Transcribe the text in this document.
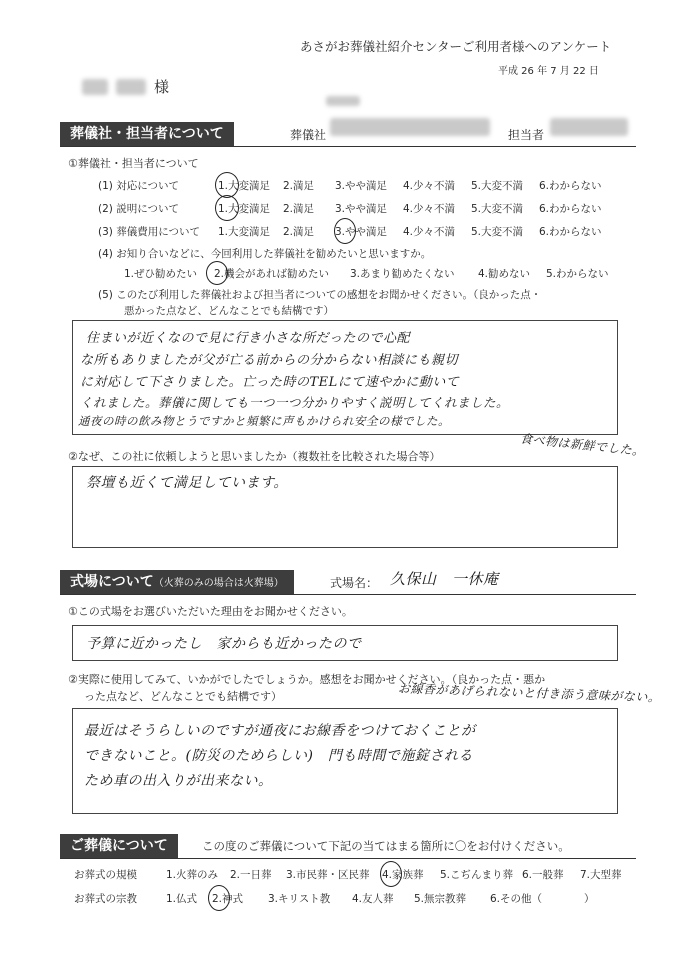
あさがお葬儀社紹介センターご利用者様へのアンケート
平成 26 年 7 月 22 日
様
葬儀社・担当者について	葬儀社	担当者
①葬儀社・担当者について
(1) 対応について	1.大変満足	2.満足	3.やや満足	4.少々不満	5.大変不満	6.わからない
(2) 説明について	1.大変満足	2.満足	3.やや満足	4.少々不満	5.大変不満	6.わからない
(3) 葬儀費用について	1.大変満足	2.満足	3.やや満足	4.少々不満	5.大変不満	6.わからない
(4) お知り合いなどに、今回利用した葬儀社を勧めたいと思いますか。
1.ぜひ勧めたい	2.機会があれば勧めたい	3.あまり勧めたくない	4.勧めない	5.わからない
(5) このたび利用した葬儀社および担当者についての感想をお聞かせください。（良かった点・
悪かった点など、どんなことでも結構です）
住まいが近くなので見に行き小さな所だったので心配
な所もありましたが父が亡る前からの分からない相談にも親切
に対応して下さりました。亡った時のTELにて速やかに動いて
くれました。葬儀に関しても一つ一つ分かりやすく説明してくれました。
通夜の時の飲み物とうですかと頻繁に声もかけられ安全の様でした。
②なぜ、この社に依頼しようと思いましたか（複数社を比較された場合等）	食べ物は新鮮でした。
祭壇も近くて満足しています。
式場について（火葬のみの場合は火葬場）	式場名： 久保山　一休庵
①この式場をお選びいただいた理由をお聞かせください。
予算に近かったし　家からも近かったので
②実際に使用してみて、いかがでしたでしょうか。感想をお聞かせください。（良かった点・悪か
った点など、どんなことでも結構です）	お線香があげられないと付き添う意味がない。
最近はそうらしいのですが通夜にお線香をつけておくことが
できないこと。(防災のためらしい)　門も時間で施錠される
ため車の出入りが出来ない。
ご葬儀について	この度のご葬儀について下記の当てはまる箇所に〇をお付けください。
お葬式の規模	1.火葬のみ	2.一日葬	3.市民葬・区民葬	4.家族葬	5.こぢんまり葬 6.一般葬	7.大型葬
お葬式の宗教	1.仏式	2.神式	3.キリスト教	4.友人葬	5.無宗教葬	6.その他（　　　　）
